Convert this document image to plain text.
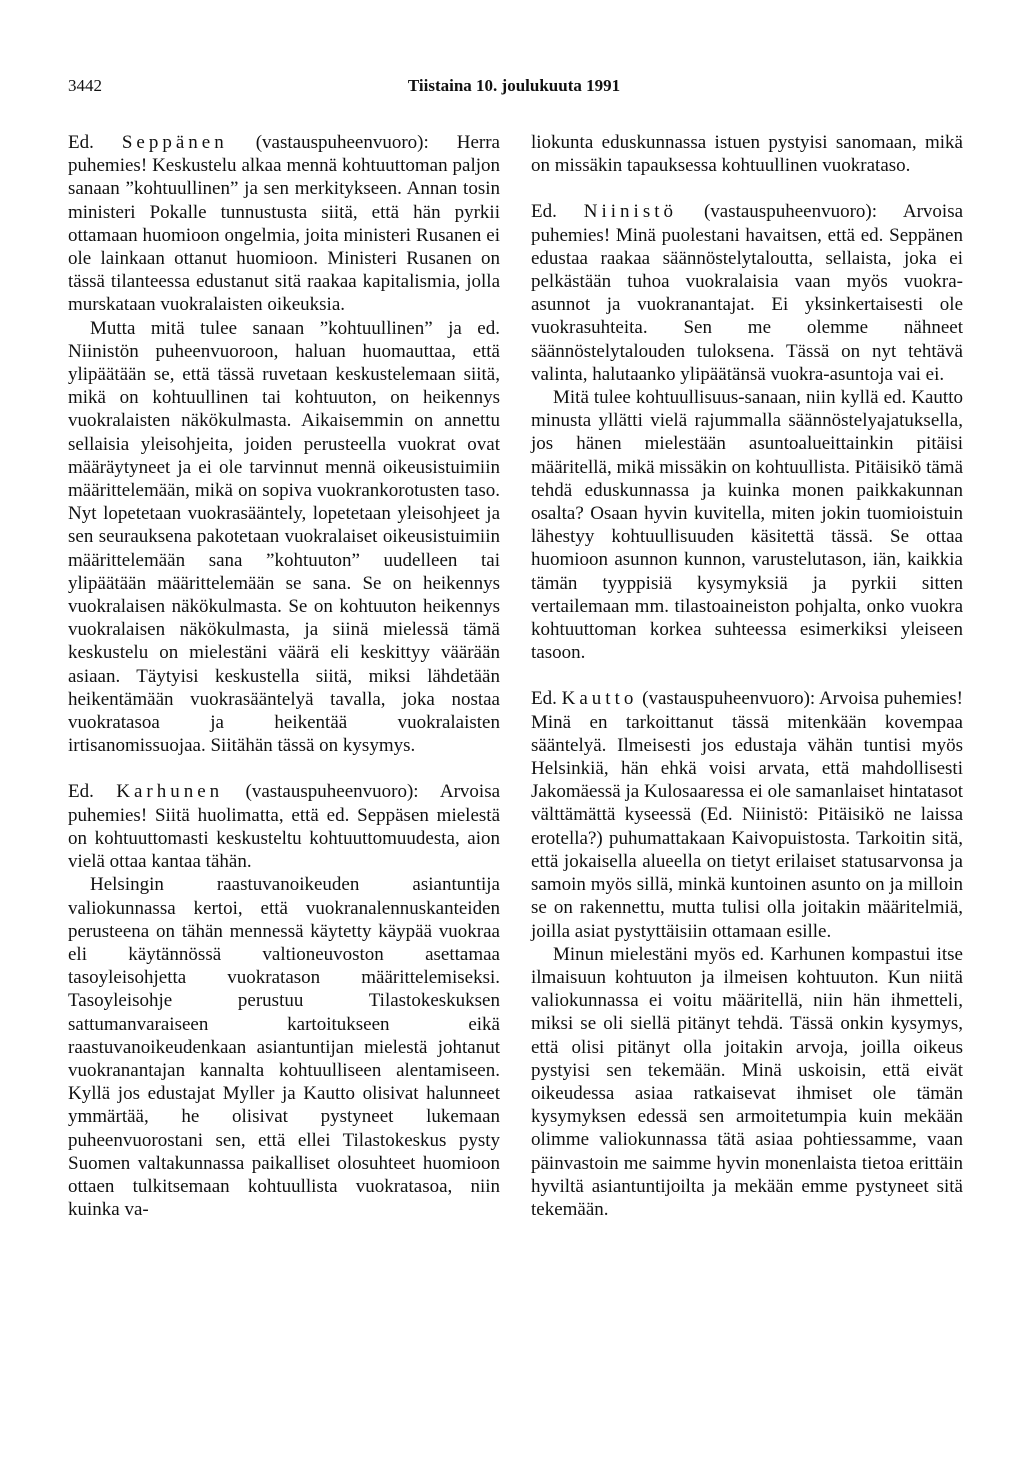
3442	Tiistaina 10. joulukuuta 1991

Ed. Seppänen (vastauspuheenvuoro): Herra puhemies! Keskustelu alkaa mennä kohtuuttoman paljon sanaan ”kohtuullinen” ja sen merkitykseen. Annan tosin ministeri Pokalle tunnustusta siitä, että hän pyrkii ottamaan huomioon ongelmia, joita ministeri Rusanen ei ole lainkaan ottanut huomioon. Ministeri Rusanen on tässä tilanteessa edustanut sitä raakaa kapitalismia, jolla murskataan vuokralaisten oikeuksia.

Mutta mitä tulee sanaan ”kohtuullinen” ja ed. Niinistön puheenvuoroon, haluan huomauttaa, että ylipäätään se, että tässä ruvetaan keskustelemaan siitä, mikä on kohtuullinen tai kohtuuton, on heikennys vuokralaisten näkökulmasta. Aikaisemmin on annettu sellaisia yleisohjeita, joiden perusteella vuokrat ovat määräytyneet ja ei ole tarvinnut mennä oikeusistuimiin määrittelemään, mikä on sopiva vuokrankorotusten taso. Nyt lopetetaan vuokrasääntely, lopetetaan yleisohjeet ja sen seurauksena pakotetaan vuokralaiset oikeusistuimiin määrittelemään sana ”kohtuuton” uudelleen tai ylipäätään määrittelemään se sana. Se on heikennys vuokralaisen näkökulmasta. Se on kohtuuton heikennys vuokralaisen näkökulmasta, ja siinä mielessä tämä keskustelu on mielestäni väärä eli keskittyy väärään asiaan. Täytyisi keskustella siitä, miksi lähdetään heikentämään vuokrasääntelyä tavalla, joka nostaa vuokratasoa ja heikentää vuokralaisten irtisanomissuojaa. Siitähän tässä on kysymys.

Ed. Karhunen (vastauspuheenvuoro): Arvoisa puhemies! Siitä huolimatta, että ed. Seppäsen mielestä on kohtuuttomasti keskusteltu kohtuuttomuudesta, aion vielä ottaa kantaa tähän.

Helsingin raastuvanoikeuden asiantuntija valiokunnassa kertoi, että vuokranalennuskanteiden perusteena on tähän mennessä käytetty käypää vuokraa eli käytännössä valtioneuvoston asettamaa tasoyleisohjetta vuokratason määrittelemiseksi. Tasoyleisohje perustuu Tilastokeskuksen sattumanvaraiseen kartoitukseen eikä raastuvanoikeudenkaan asiantuntijan mielestä johtanut vuokranantajan kannalta kohtuulliseen alentamiseen. Kyllä jos edustajat Myller ja Kautto olisivat halunneet ymmärtää, he olisivat pystyneet lukemaan puheenvuorostani sen, että ellei Tilastokeskus pysty Suomen valtakunnassa paikalliset olosuhteet huomioon ottaen tulkitsemaan kohtuullista vuokratasoa, niin kuinka va-

liokunta eduskunnassa istuen pystyisi sanomaan, mikä on missäkin tapauksessa kohtuullinen vuokrataso.

Ed. Niinistö (vastauspuheenvuoro): Arvoisa puhemies! Minä puolestani havaitsen, että ed. Seppänen edustaa raakaa säännöstelytaloutta, sellaista, joka ei pelkästään tuhoa vuokralaisia vaan myös vuokra-asunnot ja vuokranantajat. Ei yksinkertaisesti ole vuokrasuhteita. Sen me olemme nähneet säännöstelytalouden tuloksena. Tässä on nyt tehtävä valinta, halutaanko ylipäätänsä vuokra-asuntoja vai ei.

Mitä tulee kohtuullisuus-sanaan, niin kyllä ed. Kautto minusta yllätti vielä rajummalla säännöstelyajatuksella, jos hänen mielestään asuntoalueittainkin pitäisi määritellä, mikä missäkin on kohtuullista. Pitäisikö tämä tehdä eduskunnassa ja kuinka monen paikkakunnan osalta? Osaan hyvin kuvitella, miten jokin tuomioistuin lähestyy kohtuullisuuden käsitettä tässä. Se ottaa huomioon asunnon kunnon, varustelutason, iän, kaikkia tämän tyyppisiä kysymyksiä ja pyrkii sitten vertailemaan mm. tilastoaineiston pohjalta, onko vuokra kohtuuttoman korkea suhteessa esimerkiksi yleiseen tasoon.

Ed. Kautto (vastauspuheenvuoro): Arvoisa puhemies! Minä en tarkoittanut tässä mitenkään kovempaa sääntelyä. Ilmeisesti jos edustaja vähän tuntisi myös Helsinkiä, hän ehkä voisi arvata, että mahdollisesti Jakomäessä ja Kulosaaressa ei ole samanlaiset hintatasot välttämättä kyseessä (Ed. Niinistö: Pitäisikö ne laissa erotella?) puhumattakaan Kaivopuistosta. Tarkoitin sitä, että jokaisella alueella on tietyt erilaiset statusarvonsa ja samoin myös sillä, minkä kuntoinen asunto on ja milloin se on rakennettu, mutta tulisi olla joitakin määritelmiä, joilla asiat pystyttäisiin ottamaan esille.

Minun mielestäni myös ed. Karhunen kompastui itse ilmaisuun kohtuuton ja ilmeisen kohtuuton. Kun niitä valiokunnassa ei voitu määritellä, niin hän ihmetteli, miksi se oli siellä pitänyt tehdä. Tässä onkin kysymys, että olisi pitänyt olla joitakin arvoja, joilla oikeus pystyisi sen tekemään. Minä uskoisin, että eivät oikeudessa asiaa ratkaisevat ihmiset ole tämän kysymyksen edessä sen armoitetumpia kuin mekään olimme valiokunnassa tätä asiaa pohtiessamme, vaan päinvastoin me saimme hyvin monenlaista tietoa erittäin hyviltä asiantuntijoilta ja mekään emme pystyneet sitä tekemään.
